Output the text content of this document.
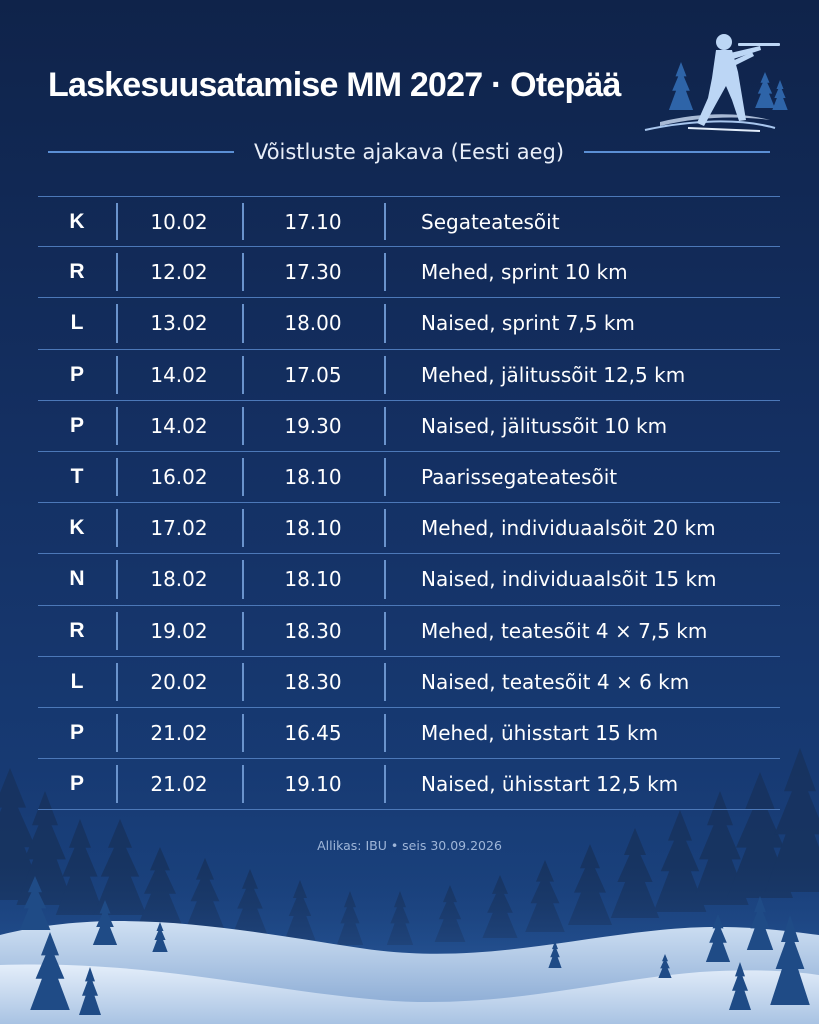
Laskesuusatamise MM 2027 · Otepää
Võistluste ajakava (Eesti aeg)
K	10.02	17.10	Segateatesõit
R	12.02	17.30	Mehed, sprint 10 km
L	13.02	18.00	Naised, sprint 7,5 km
P	14.02	17.05	Mehed, jälitussõit 12,5 km
P	14.02	19.30	Naised, jälitussõit 10 km
T	16.02	18.10	Paarissegateatesõit
K	17.02	18.10	Mehed, individuaalsõit 20 km
N	18.02	18.10	Naised, individuaalsõit 15 km
R	19.02	18.30	Mehed, teatesõit 4 × 7,5 km
L	20.02	18.30	Naised, teatesõit 4 × 6 km
P	21.02	16.45	Mehed, ühisstart 15 km
P	21.02	19.10	Naised, ühisstart 12,5 km
Allikas: IBU • seis 30.09.2026
